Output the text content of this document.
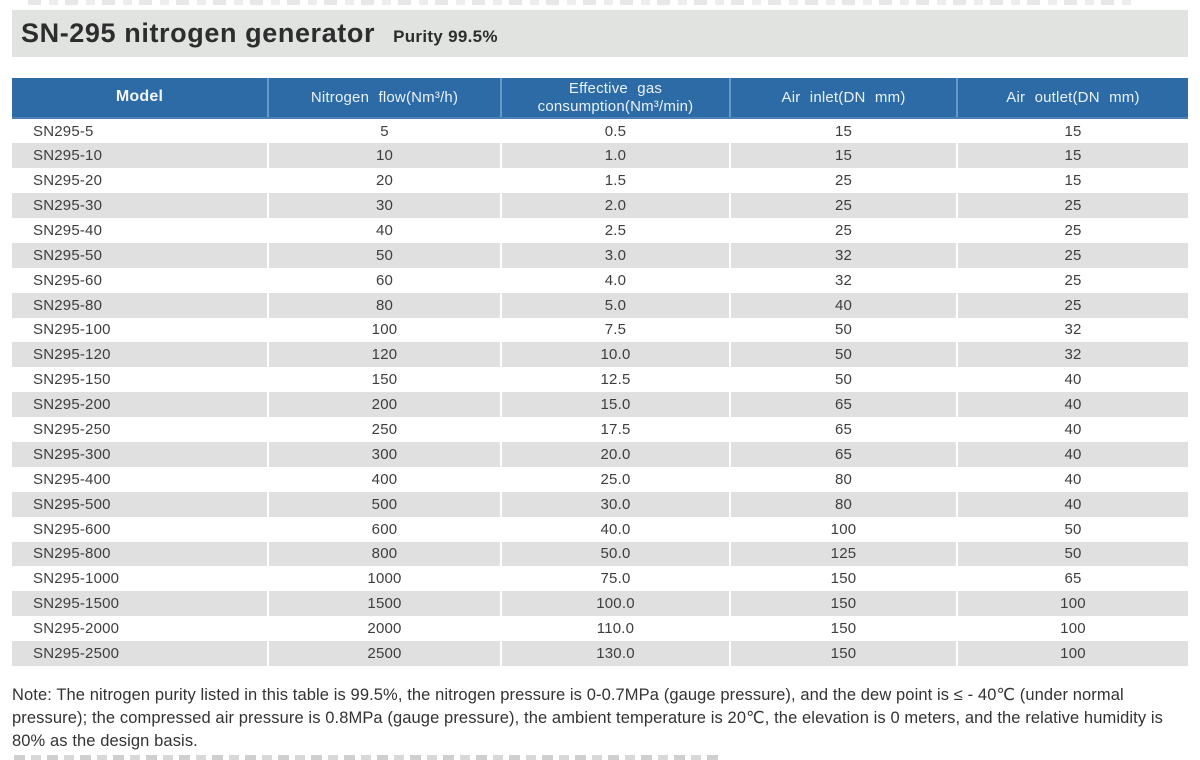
SN-295 nitrogen generator Purity 99.5%
Model	Nitrogen flow(Nm³/h)	Effective gas consumption(Nm³/min)	Air inlet(DN mm)	Air outlet(DN mm)
SN295-5	5	0.5	15	15
SN295-10	10	1.0	15	15
SN295-20	20	1.5	25	15
SN295-30	30	2.0	25	25
SN295-40	40	2.5	25	25
SN295-50	50	3.0	32	25
SN295-60	60	4.0	32	25
SN295-80	80	5.0	40	25
SN295-100	100	7.5	50	32
SN295-120	120	10.0	50	32
SN295-150	150	12.5	50	40
SN295-200	200	15.0	65	40
SN295-250	250	17.5	65	40
SN295-300	300	20.0	65	40
SN295-400	400	25.0	80	40
SN295-500	500	30.0	80	40
SN295-600	600	40.0	100	50
SN295-800	800	50.0	125	50
SN295-1000	1000	75.0	150	65
SN295-1500	1500	100.0	150	100
SN295-2000	2000	110.0	150	100
SN295-2500	2500	130.0	150	100

Note: The nitrogen purity listed in this table is 99.5%, the nitrogen pressure is 0-0.7MPa (gauge pressure), and the dew point is ≤ - 40℃ (under normal pressure); the compressed air pressure is 0.8MPa (gauge pressure), the ambient temperature is 20℃, the elevation is 0 meters, and the relative humidity is 80% as the design basis.
